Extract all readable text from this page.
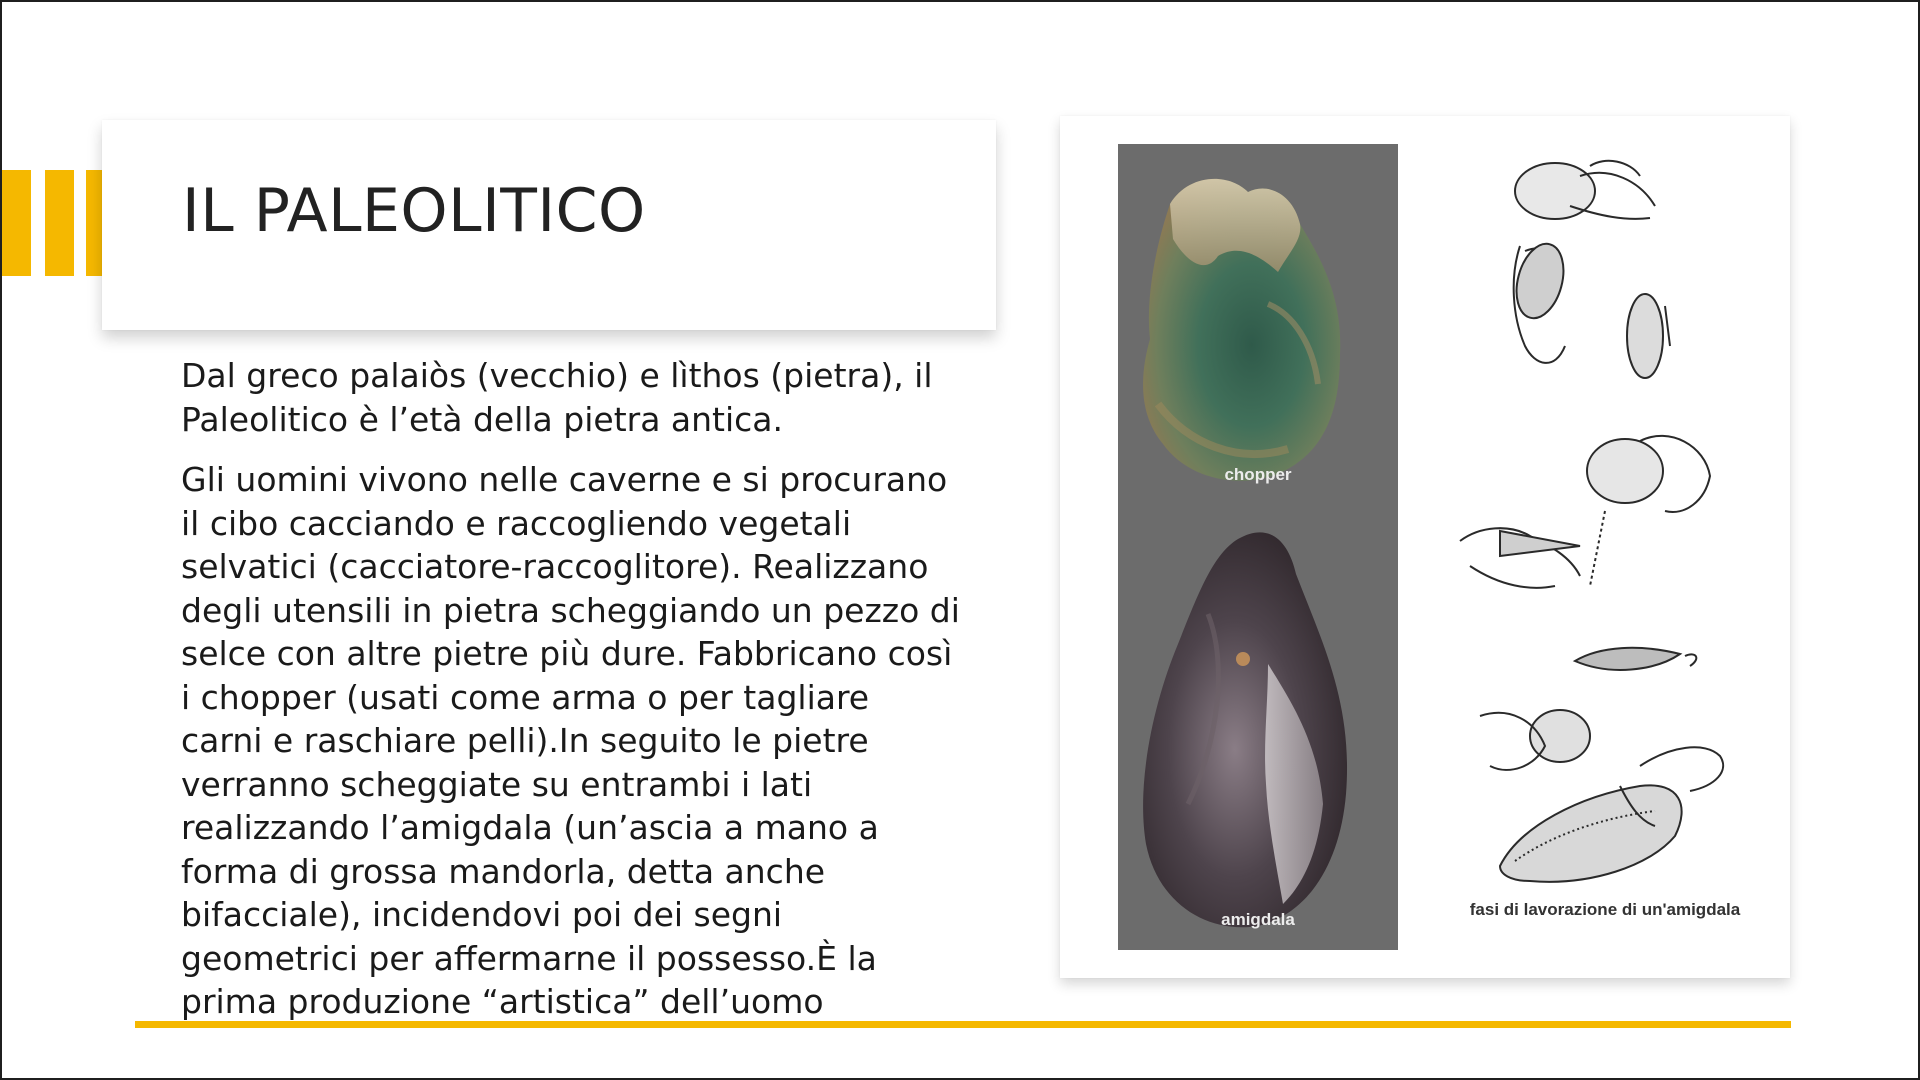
IL PALEOLITICO

Dal greco palaiòs (vecchio) e lìthos (pietra), il Paleolitico è l’età della pietra antica.

Gli uomini vivono nelle caverne e si procurano il cibo cacciando e raccogliendo vegetali selvatici (cacciatore-raccoglitore). Realizzano degli utensili in pietra scheggiando un pezzo di selce con altre pietre più dure. Fabbricano così i chopper (usati come arma o per tagliare carni e raschiare pelli).In seguito le pietre verranno scheggiate su entrambi i lati realizzando l’amigdala (un’ascia a mano a forma di grossa mandorla, detta anche bifacciale), incidendovi poi dei segni geometrici per affermarne il possesso.È la prima produzione “artistica” dell’uomo

chopper
amigdala
fasi di lavorazione di un'amigdala
